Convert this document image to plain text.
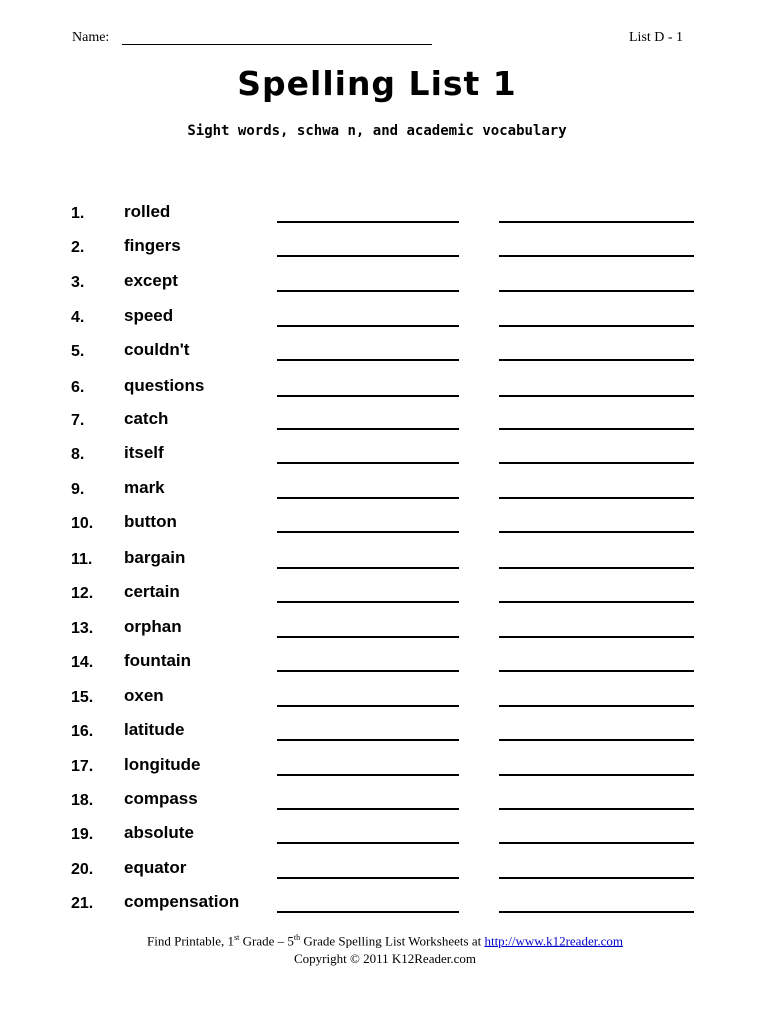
Name:	List D - 1
Spelling List 1
Sight words, schwa n, and academic vocabulary
1. rolled
2. fingers
3. except
4. speed
5. couldn't
6. questions
7. catch
8. itself
9. mark
10. button
11. bargain
12. certain
13. orphan
14. fountain
15. oxen
16. latitude
17. longitude
18. compass
19. absolute
20. equator
21. compensation
Find Printable, 1st Grade – 5th Grade Spelling List Worksheets at http://www.k12reader.com
Copyright © 2011 K12Reader.com
